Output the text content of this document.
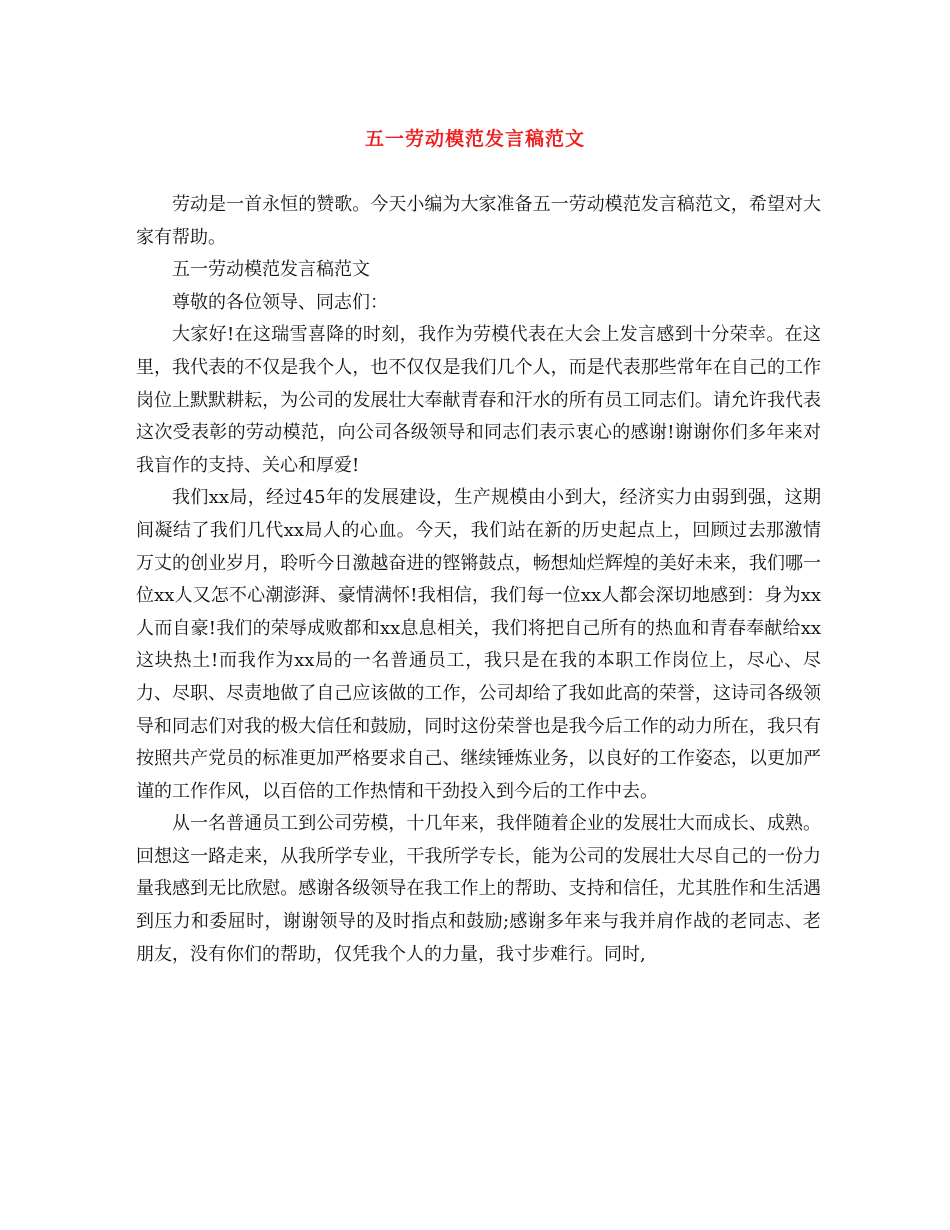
五一劳动模范发言稿范文

劳动是一首永恒的赞歌。今天小编为大家准备五一劳动模范发言稿范文，希望对大家有帮助。

五一劳动模范发言稿范文

尊敬的各位领导、同志们：

大家好!在这瑞雪喜降的时刻，我作为劳模代表在大会上发言感到十分荣幸。在这里，我代表的不仅是我个人，也不仅仅是我们几个人，而是代表那些常年在自己的工作岗位上默默耕耘，为公司的发展壮大奉献青春和汗水的所有员工同志们。请允许我代表这次受表彰的劳动模范，向公司各级领导和同志们表示衷心的感谢!谢谢你们多年来对我盲作的支持、关心和厚爱!

我们xx局，经过45年的发展建设，生产规模由小到大，经济实力由弱到强，这期间凝结了我们几代xx局人的心血。今天，我们站在新的历史起点上，回顾过去那激情万丈的创业岁月，聆听今日激越奋进的铿锵鼓点，畅想灿烂辉煌的美好未来，我们哪一位xx人又怎不心潮澎湃、豪情满怀!我相信，我们每一位xx人都会深切地感到：身为xx人而自豪!我们的荣辱成败都和xx息息相关，我们将把自己所有的热血和青春奉献给xx这块热土!而我作为xx局的一名普通员工，我只是在我的本职工作岗位上，尽心、尽力、尽职、尽责地做了自己应该做的工作，公司却给了我如此高的荣誉，这诗司各级领导和同志们对我的极大信任和鼓励，同时这份荣誉也是我今后工作的动力所在，我只有按照共产党员的标准更加严格要求自己、继续锤炼业务，以良好的工作姿态，以更加严谨的工作作风，以百倍的工作热情和干劲投入到今后的工作中去。

从一名普通员工到公司劳模，十几年来，我伴随着企业的发展壮大而成长、成熟。回想这一路走来，从我所学专业，干我所学专长，能为公司的发展壮大尽自己的一份力量我感到无比欣慰。感谢各级领导在我工作上的帮助、支持和信任，尤其胜作和生活遇到压力和委屈时，谢谢领导的及时指点和鼓励;感谢多年来与我并肩作战的老同志、老朋友，没有你们的帮助，仅凭我个人的力量，我寸步难行。同时,
